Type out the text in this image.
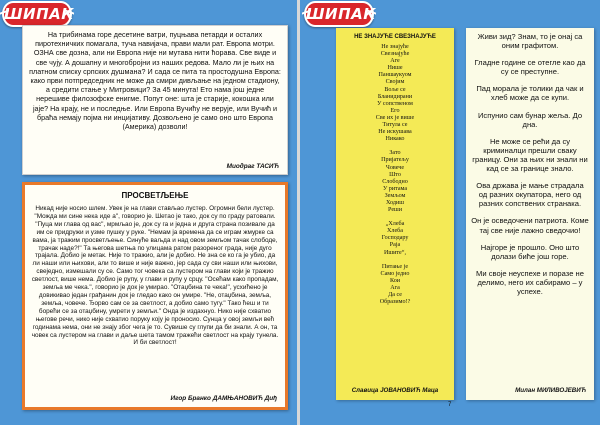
ШИПАК
На трибинама горе десетине ватри, пуцњава петарди и осталих пиротехничких помагала, туча навијача, прави мали рат. Европа мотри. ОЗНА све дозна, али ни Европа није ни мутава нити ћорава. Све виде и све чују. А дошапну и многобројни из наших редова. Мало ли је њих на платном списку српских душмана? И сада се пита та простодушна Европа: како први потпредседник не може да смири дивљање на једном стадиону, а средити стање у Митровици? За 45 минута! Ето нама још једне нерешиве филозофске енигме. Попут оне: шта је старије, кокошка или јаје? На крају, не и последње. Или Европа Вучићу не верује, или Вучић и браћа немају појма ни инцијативу. Дозвољено је само оно што Европа (Америка) дозволи!
Миодраг ТАСИЋ
ПРОСВЕТЉЕЊЕ
Никад није носио шлем. Увек је на глави стављао лустер. Огромни бели лустер. "Можда ми сине нека иде а", говорио је. Шетао је тако, док су по граду ратовали. "Пуца ми глава од вас", мрмљао је, док су га и једна и друга страна позивале да им се придружи и узме пушку у руке. "Немам ја времена да се играм жмурке са вама, ја тражим просветљење. Синуће ваљда и над овом земљом тачак слободе, трачак наде?!" Та његова шетња по улицама ратом разореног града, није дуго трајала. Добио је метак. Није то тражио, али је добио. Не зна се ко га је убио, да ли наши или њихови, али то више и није важно, јер сада су сви наши или њихови, свеједно, измешали су се. Само тог човека са лустером на глави који је тражио светлост, више нема. Добио је рупу, у глави и рупу у срцу. "Осећам како пропадам, земља ме чека.", говорио је док је умирао. "Отаџбина те чека!", усхићено је довикивао један грађанин док је гледао како он умире. "Не, отаџбина, земља, земља, човече. Ђорво сам се за светлост, а добио само тугу." Тако ћеш и ти борећи се за отаџбину, умрети у земљи." Онда је издахнуо. Нико није схватио његове речи, нико није схватио поруку коју је проносио. Сунца у овој земљи већ годинама нема, они не знају због чега је то. Сувише су глупи да би знали. А он, та човек са лустером на глави и даље шета тамом тражећи светлост на крају тунела. И би светлост!
Игор Бранко ДАМЊАНОВИЋ Диђ
ШИПАК
НЕ ЗНАЈУЋЕ СВЕЗНАЈУЋЕ
Не знајуће
Свезнајуће
Аге
Нише
Паншаукуом
Својим
Воље се
Бланидирани
У сопственом
Его
Све их је више
Титула се
Не искушава
Никако
Зато
Пријатељу
Човече
Што
Слободно
У ритама
Земљом
Ходиш
Реши
„Хлеба
Хлеба
Господару
Раја
Ишите“,
Питање је
Само једно
Кои
Ага
Да се
Образимо!?
Славица ЈОВАНОВИЋ Маца
Живи зид? Знам, то је онај са оним графитом.
Гладне године се отегле као да су се преступне.
Пад морала је толики да чак и хлеб може да се купи.
Испунио сам бунар жеља. До дна.
Не може се рећи да су криминалци прешли сваку границу. Они за њих ни знали ни кад се за границе знало.
Ова држава је мање страдала од разних окупатора, него од разних сопствених странака.
Он је осведочени патриота. Коме тај све није лажно сведочио!
Најгоре је прошло. Оно што долази биће још горе.
Ми своје неуспехе и поразе не делимо, него их сабирамо – у успехе.
Милан МИЛИВОЈЕВИЋ
7
